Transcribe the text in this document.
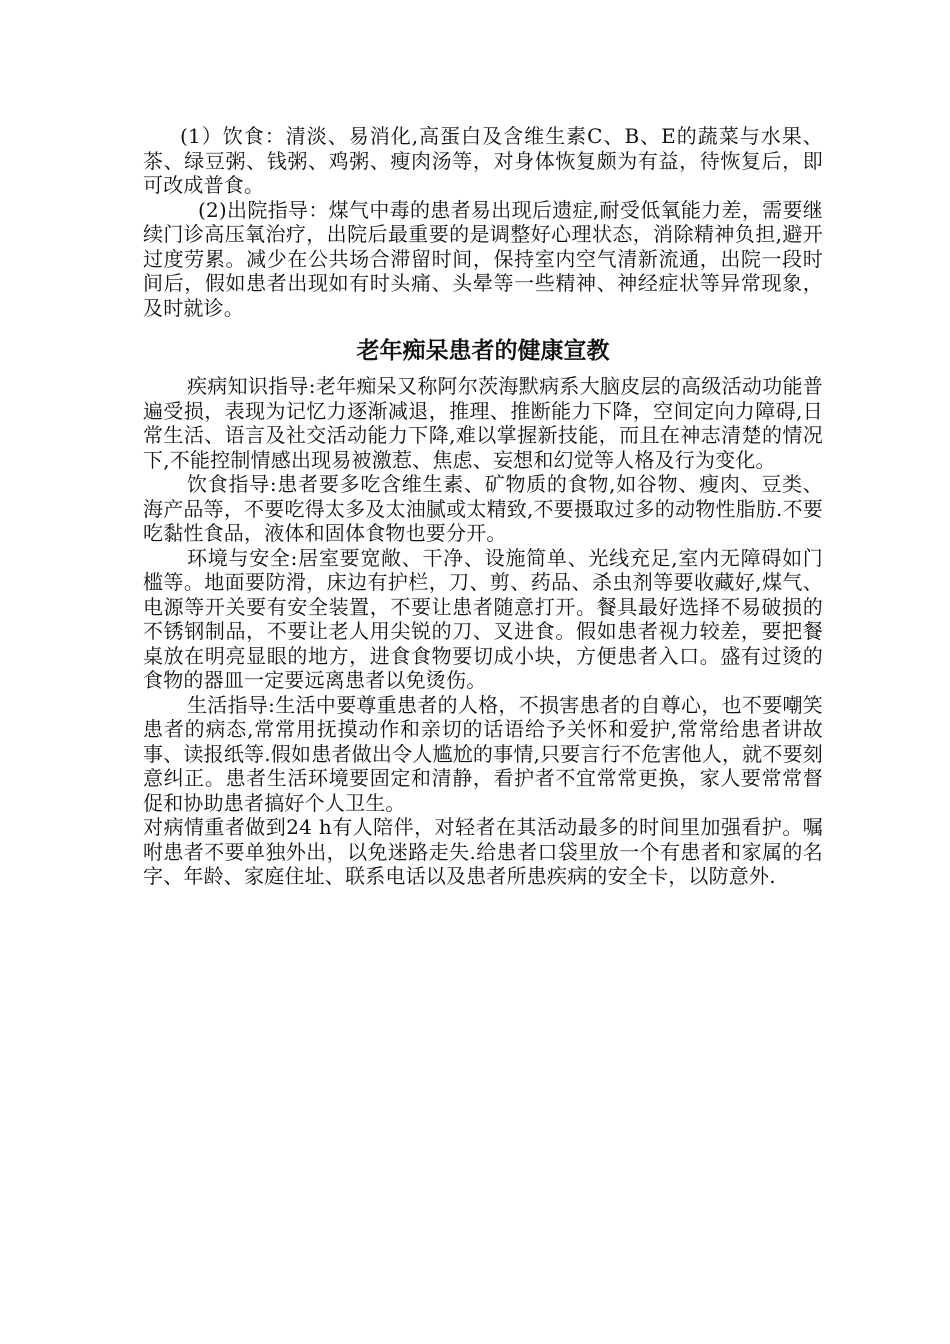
(1）饮食：清淡、易消化,高蛋白及含维生素C、B、E的蔬菜与水果、茶、绿豆粥、钱粥、鸡粥、瘦肉汤等，对身体恢复颇为有益，待恢复后，即可改成普食。

(2)出院指导：煤气中毒的患者易出现后遗症,耐受低氧能力差，需要继续门诊高压氧治疗，出院后最重要的是调整好心理状态，消除精神负担,避开过度劳累。减少在公共场合滞留时间，保持室内空气清新流通，出院一段时间后，假如患者出现如有时头痛、头晕等一些精神、神经症状等异常现象，及时就诊。

老年痴呆患者的健康宣教

疾病知识指导:老年痴呆又称阿尔茨海默病系大脑皮层的高级活动功能普遍受损，表现为记忆力逐渐减退，推理、推断能力下降，空间定向力障碍,日常生活、语言及社交活动能力下降,难以掌握新技能，而且在神志清楚的情况下,不能控制情感出现易被激惹、焦虑、妄想和幻觉等人格及行为变化。

饮食指导:患者要多吃含维生素、矿物质的食物,如谷物、瘦肉、豆类、海产品等，不要吃得太多及太油腻或太精致,不要摄取过多的动物性脂肪.不要吃黏性食品，液体和固体食物也要分开。

环境与安全:居室要宽敞、干净、设施简单、光线充足,室内无障碍如门槛等。地面要防滑，床边有护栏，刀、剪、药品、杀虫剂等要收藏好,煤气、电源等开关要有安全装置，不要让患者随意打开。餐具最好选择不易破损的不锈钢制品，不要让老人用尖锐的刀、叉进食。假如患者视力较差，要把餐桌放在明亮显眼的地方，进食食物要切成小块，方便患者入口。盛有过烫的食物的器皿一定要远离患者以免烫伤。

生活指导:生活中要尊重患者的人格，不损害患者的自尊心，也不要嘲笑患者的病态,常常用抚摸动作和亲切的话语给予关怀和爱护,常常给患者讲故事、读报纸等.假如患者做出令人尴尬的事情,只要言行不危害他人，就不要刻意纠正。患者生活环境要固定和清静，看护者不宜常常更换，家人要常常督促和协助患者搞好个人卫生。

对病情重者做到24 h有人陪伴，对轻者在其活动最多的时间里加强看护。嘱咐患者不要单独外出，以免迷路走失.给患者口袋里放一个有患者和家属的名字、年龄、家庭住址、联系电话以及患者所患疾病的安全卡，以防意外.
